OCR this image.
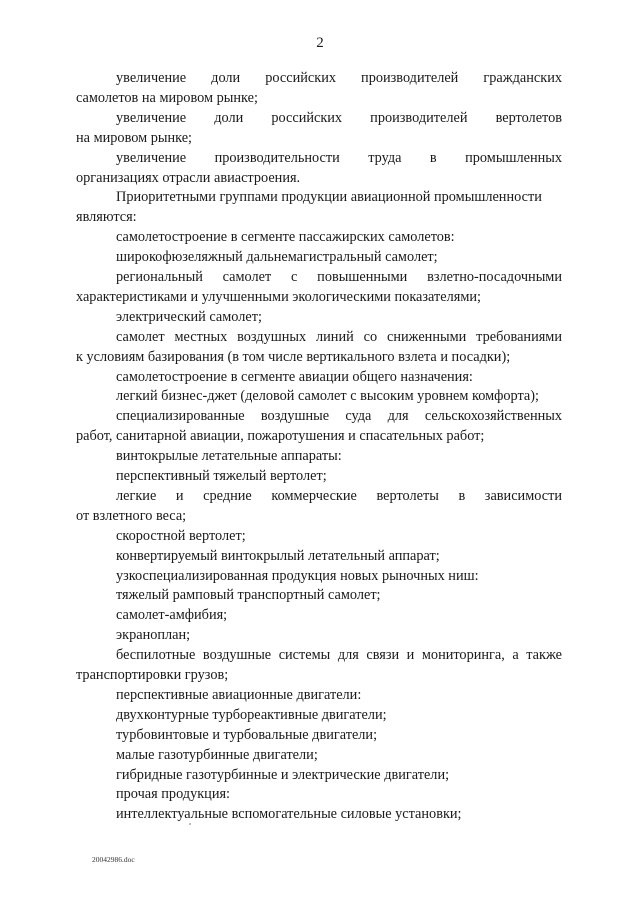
2
увеличение доли российских производителей гражданских
самолетов на мировом рынке;
увеличение доли российских производителей вертолетов
на мировом рынке;
увеличение производительности труда в промышленных
организациях отрасли авиастроения.
Приоритетными группами продукции авиационной промышленности
являются:
самолетостроение в сегменте пассажирских самолетов:
широкофюзеляжный дальнемагистральный самолет;
региональный самолет с повышенными взлетно-посадочными
характеристиками и улучшенными экологическими показателями;
электрический самолет;
самолет местных воздушных линий со сниженными требованиями
к условиям базирования (в том числе вертикального взлета и посадки);
самолетостроение в сегменте авиации общего назначения:
легкий бизнес-джет (деловой самолет с высоким уровнем комфорта);
специализированные воздушные суда для сельскохозяйственных
работ, санитарной авиации, пожаротушения и спасательных работ;
винтокрылые летательные аппараты:
перспективный тяжелый вертолет;
легкие и средние коммерческие вертолеты в зависимости
от взлетного веса;
скоростной вертолет;
конвертируемый винтокрылый летательный аппарат;
узкоспециализированная продукция новых рыночных ниш:
тяжелый рамповый транспортный самолет;
самолет-амфибия;
экраноплан;
беспилотные воздушные системы для связи и мониторинга, а также
транспортировки грузов;
перспективные авиационные двигатели:
двухконтурные турбореактивные двигатели;
турбовинтовые и турбовальные двигатели;
малые газотурбинные двигатели;
гибридные газотурбинные и электрические двигатели;
прочая продукция:
интеллектуальные вспомогательные силовые установки;
20042986.doc
